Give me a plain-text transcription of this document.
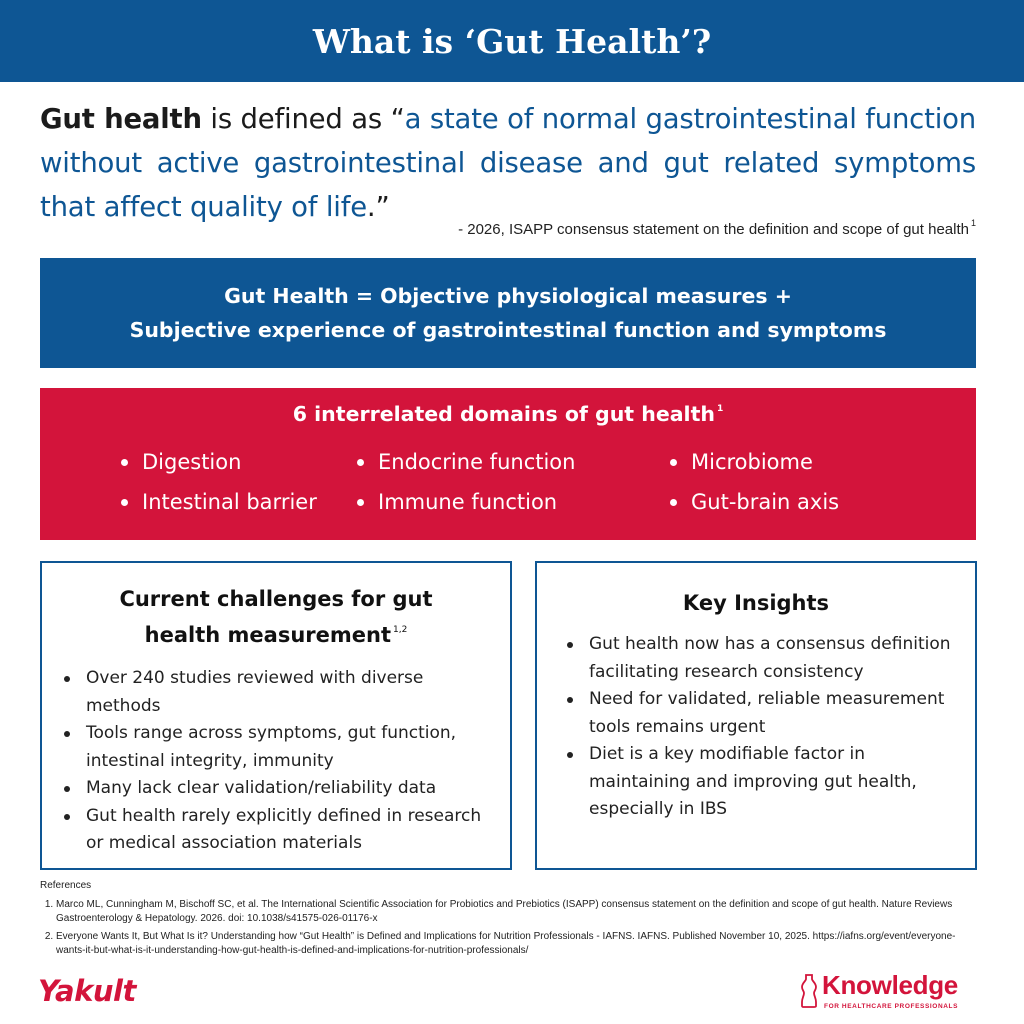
What is ‘Gut Health’?
Gut health is defined as “a state of normal gastrointestinal function without active gastrointestinal disease and gut related symptoms that affect quality of life.”
- 2026, ISAPP consensus statement on the definition and scope of gut health $^1$
Gut Health = Objective physiological measures +
Subjective experience of gastrointestinal function and symptoms
6 interrelated domains of gut health $^1$
Digestion	Endocrine function	Microbiome
Intestinal barrier	Immune function	Gut-brain axis
Current challenges for gut
health measurement $^{1,2}$
Over 240 studies reviewed with diverse methods
Tools range across symptoms, gut function, intestinal integrity, immunity
Many lack clear validation/reliability data
Gut health rarely explicitly defined in research or medical association materials
Key Insights
Gut health now has a consensus definition facilitating research consistency
Need for validated, reliable measurement tools remains urgent
Diet is a key modifiable factor in maintaining and improving gut health, especially in IBS
References
1. Marco ML, Cunningham M, Bischoff SC, et al. The International Scientific Association for Probiotics and Prebiotics (ISAPP) consensus statement on the definition and scope of gut health. Nature Reviews Gastroenterology & Hepatology. 2026. doi: 10.1038/s41575-026-01176-x
2. Everyone Wants It, But What Is it? Understanding how “Gut Health” is Defined and Implications for Nutrition Professionals - IAFNS. IAFNS. Published November 10, 2025. https://iafns.org/event/everyone-wants-it-but-what-is-it-understanding-how-gut-health-is-defined-and-implications-for-nutrition-professionals/
Yakult	Knowledge
FOR HEALTHCARE PROFESSIONALS
